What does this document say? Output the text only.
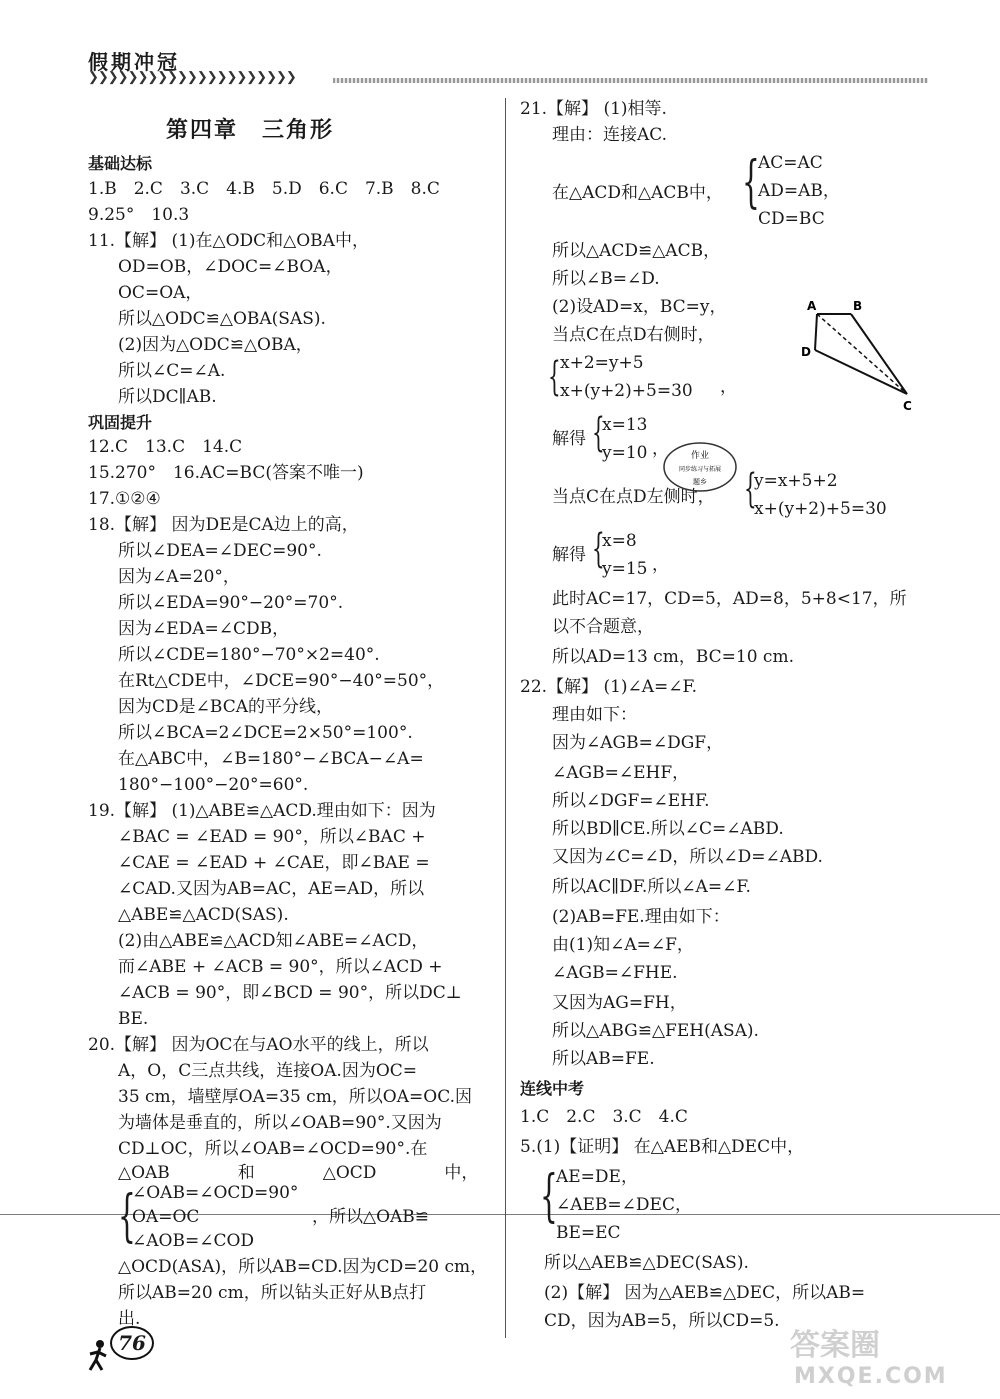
假期冲冠
❯❯❯❯❯❯❯❯❯❯❯❯❯❯❯❯❯❯❯❯❯
第四章　三角形
基础达标
1.B　2.C　3.C　4.B　5.D　6.C　7.B　8.C
9.25°　10.3
11.【解】 (1)在△ODC和△OBA中，
OD=OB，∠DOC=∠BOA，
OC=OA，
所以△ODC≌△OBA(SAS).
(2)因为△ODC≌△OBA，
所以∠C=∠A.
所以DC∥AB.
巩固提升
12.C　13.C　14.C
15.270°　16.AC=BC(答案不唯一)
17.①②④
18.【解】 因为DE是CA边上的高，
所以∠DEA=∠DEC=90°.
因为∠A=20°，
所以∠EDA=90°−20°=70°.
因为∠EDA=∠CDB，
所以∠CDE=180°−70°×2=40°.
在Rt△CDE中，∠DCE=90°−40°=50°，
因为CD是∠BCA的平分线，
所以∠BCA=2∠DCE=2×50°=100°.
在△ABC中，∠B=180°−∠BCA−∠A=
180°−100°−20°=60°.
19.【解】 (1)△ABE≌△ACD.理由如下：因为
∠BAC = ∠EAD = 90°，所以∠BAC +
∠CAE = ∠EAD + ∠CAE，即∠BAE =
∠CAD.又因为AB=AC，AE=AD，所以
△ABE≌△ACD(SAS).
(2)由△ABE≌△ACD知∠ABE=∠ACD，
而∠ABE + ∠ACB = 90°，所以∠ACD +
∠ACB = 90°，即∠BCD = 90°，所以DC⊥
BE.
20.【解】 因为OC在与AO水平的线上，所以
A，O，C三点共线，连接OA.因为OC=
35 cm，墙壁厚OA=35 cm，所以OA=OC.因
为墙体是垂直的，所以∠OAB=90°.又因为
CD⊥OC，所以∠OAB=∠OCD=90°.在
△OAB　　　　和　　　　△OCD　　　　中，
{
∠OAB=∠OCD=90°
OA=OC
∠AOB=∠COD
，所以△OAB≌
△OCD(ASA)，所以AB=CD.因为CD=20 cm，
所以AB=20 cm，所以钻头正好从B点打
出.
21.【解】 (1)相等.
理由：连接AC.
在△ACD和△ACB中， {
AC=AC
AD=AB，
CD=BC
所以△ACD≌△ACB，
所以∠B=∠D.
(2)设AD=x，BC=y，
当点C在点D右侧时，
{ x+2=y+5
x+(y+2)+5=30 ，
解得 {
x=13
y=10 ，
当点C在点D左侧时， {
y=x+5+2
x+(y+2)+5=30
解得 {
x=8
y=15 ，
此时AC=17，CD=5，AD=8，5+8<17，所
以不合题意，
所以AD=13 cm，BC=10 cm.
22.【解】 (1)∠A=∠F.
理由如下：
因为∠AGB=∠DGF，
∠AGB=∠EHF，
所以∠DGF=∠EHF.
所以BD∥CE.所以∠C=∠ABD.
又因为∠C=∠D，所以∠D=∠ABD.
所以AC∥DF.所以∠A=∠F.
(2)AB=FE.理由如下：
由(1)知∠A=∠F，
∠AGB=∠FHE.
又因为AG=FH，
所以△ABG≌△FEH(ASA).
所以AB=FE.
连线中考
1.C　2.C　3.C　4.C
5.(1)【证明】 在△AEB和△DEC中，
{
AE=DE，
∠AEB=∠DEC，
BE=EC
所以△AEB≌△DEC(SAS).
(2)【解】 因为△AEB≌△DEC，所以AB=
CD，因为AB=5，所以CD=5.
A	B
D
C
作业
同步练习与拓展
题乡
76	答案圈
MXQE.COM
